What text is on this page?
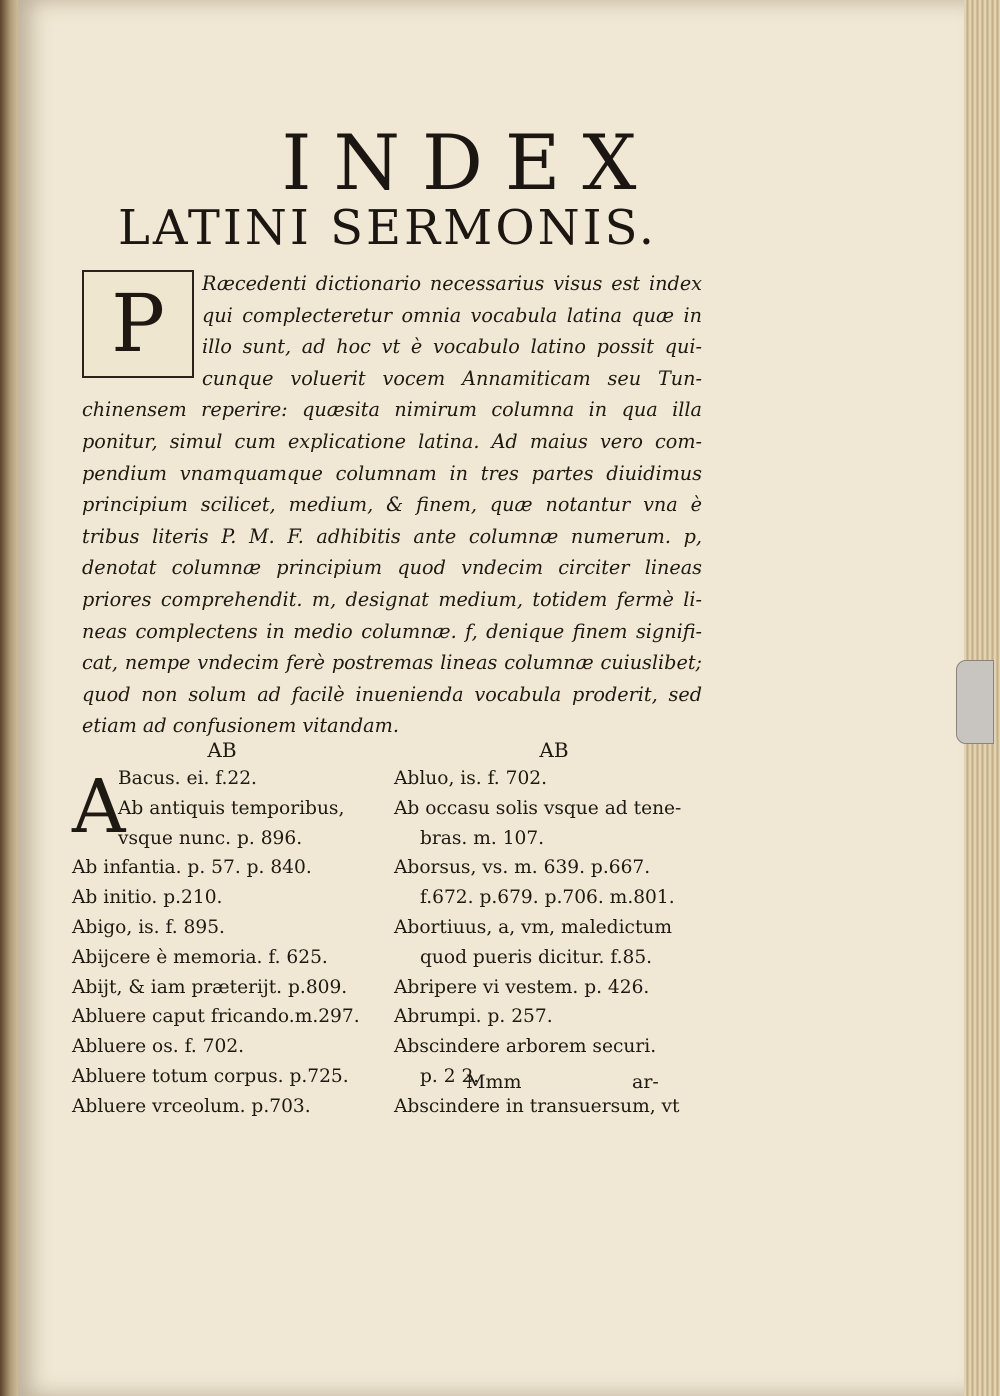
INDEX
LATINI SERMONIS.
P	Ræcedenti dictionario necessarius visus est index qui complecteretur omnia vocabula latina quæ in illo sunt, ad hoc vt è vocabulo latino possit qui- cunque voluerit vocem Annamiticam seu Tun- chinensem reperire: quæsita nimirum columna in qua illa ponitur, simul cum explicatione latina. Ad maius vero com- pendium vnamquamque columnam in tres partes diuidimus principium scilicet, medium, & finem, quæ notantur vna è tribus literis P. M. F. adhibitis ante columnæ numerum. p, denotat columnæ principium quod vndecim circiter lineas priores comprehendit. m, designat medium, totidem fermè li- neas complectens in medio columnæ. f, denique finem signifi- cat, nempe vndecim ferè postremas lineas columnæ cuiuslibet; quod non solum ad facilè inuenienda vocabula proderit, sed etiam ad confusionem vitandam.
A
AB
Bacus. ei. f.22.
Ab antiquis temporibus,
vsque nunc. p. 896.
Ab infantia. p. 57. p. 840.
Ab initio. p.210.
Abigo, is. f. 895.
Abijcere è memoria. f. 625.
Abijt, & iam præterijt. p.809.
Abluere caput fricando.m.297.
Abluere os. f. 702.
Abluere totum corpus. p.725.
Abluere vrceolum. p.703.
AB
Abluo, is. f. 702.
Ab occasu solis vsque ad tene-
bras. m. 107.
Aborsus, vs. m. 639. p.667.
f.672. p.679. p.706. m.801.
Abortiuus, a, vm, maledictum
quod pueris dicitur. f.85.
Abripere vi vestem. p. 426.
Abrumpi. p. 257.
Abscindere arborem securi.
p. 2 2.
Abscindere in transuersum, vt
Mmm	ar-
